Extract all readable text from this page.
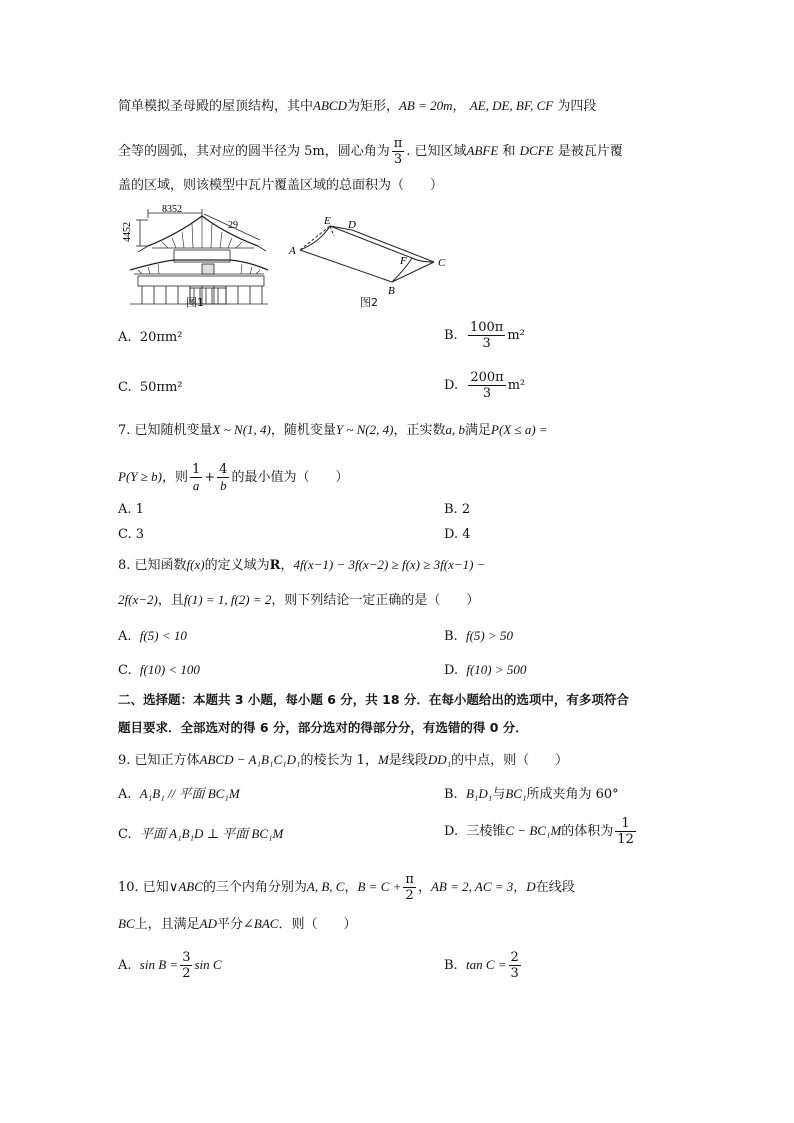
简单模拟圣母殿的屋顶结构，其中ABCD为矩形，AB = 20m， AE, DE, BF, CF 为四段
全等的圆弧，其对应的圆半径为 5m，圆心角为 $\frac{\pi}{3}$ . 已知区域ABFE 和 DCFE 是被瓦片覆
盖的区域，则该模型中瓦片覆盖区域的总面积为（　　）
8352
4452	29
图1
E D
A
F	C
B
图2
A. 20πm²	B. $\frac{100\pi}{3} m^2$
C. 50πm²	D. $\frac{200\pi}{3} m^2$
7. 已知随机变量X ~ N(1, 4)，随机变量Y ~ N(2, 4)，正实数a, b满足P(X ≤ a) =
P(Y ≥ b)，则 $\frac{1}{a} + \frac{4}{b}$ 的最小值为（　　）
A. 1	B. 2
C. 3	D. 4
8. 已知函数f(x)的定义域为R，4f(x−1) − 3f(x−2) ≥ f(x) ≥ 3f(x−1) −
2f(x−2)，且f(1) = 1, f(2) = 2，则下列结论一定正确的是（　　）
A. f(5) < 10	B. f(5) > 50
C. f(10) < 100	D. f(10) > 500
二、选择题：本题共 3 小题，每小题 6 分，共 18 分．在每小题给出的选项中，有多项符合
题目要求．全部选对的得 6 分，部分选对的得部分分，有选错的得 0 分．
9. 已知正方体ABCD − A₁B₁C₁D₁的棱长为 1，M是线段DD₁的中点，则（　　）
A. A₁B₁ // 平面 BC₁M	B. B₁D₁与BC₁所成夹角为 60°
C. 平面 A₁B₁D ⊥ 平面 BC₁M	D. 三棱锥C − BC₁M的体积为 $\frac{1}{12}$
10. 已知∨ABC的三个内角分别为A, B, C，$B = C + \frac{\pi}{2}$ ，AB = 2, AC = 3，D在线段
BC上，且满足AD平分∠BAC．则（　　）
A. $\sin B = \frac{3}{2}$ sin C	B. $\tan C = \frac{2}{3}$
